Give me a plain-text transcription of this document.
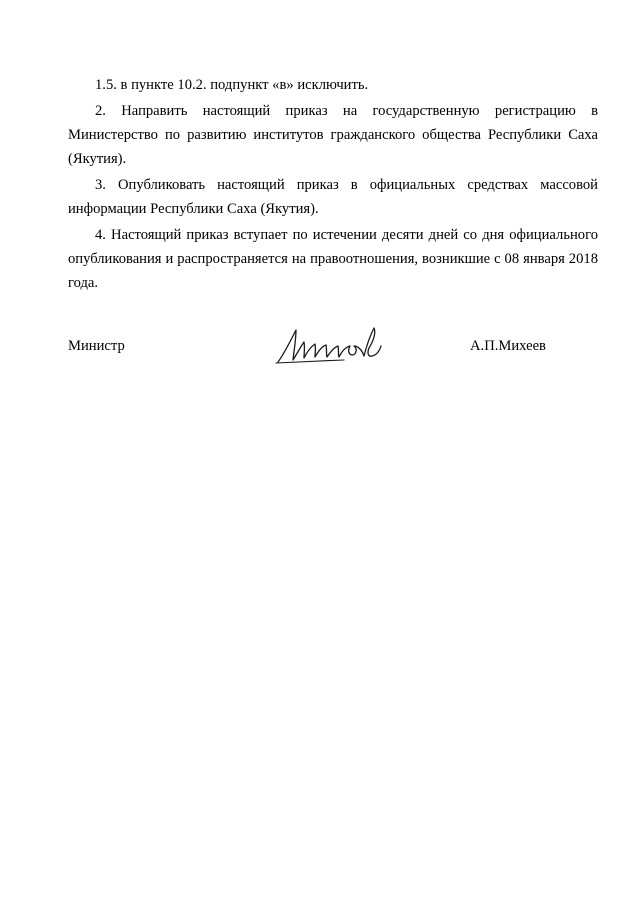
1.5. в пункте 10.2. подпункт «в» исключить.

2. Направить настоящий приказ на государственную регистрацию в Министерство по развитию институтов гражданского общества Республики Саха (Якутия).

3. Опубликовать настоящий приказ в официальных средствах массовой информации Республики Саха (Якутия).

4. Настоящий приказ вступает по истечении десяти дней со дня официального опубликования и распространяется на правоотношения, возникшие с 08 января 2018 года.

Министр	А.П.Михеев
